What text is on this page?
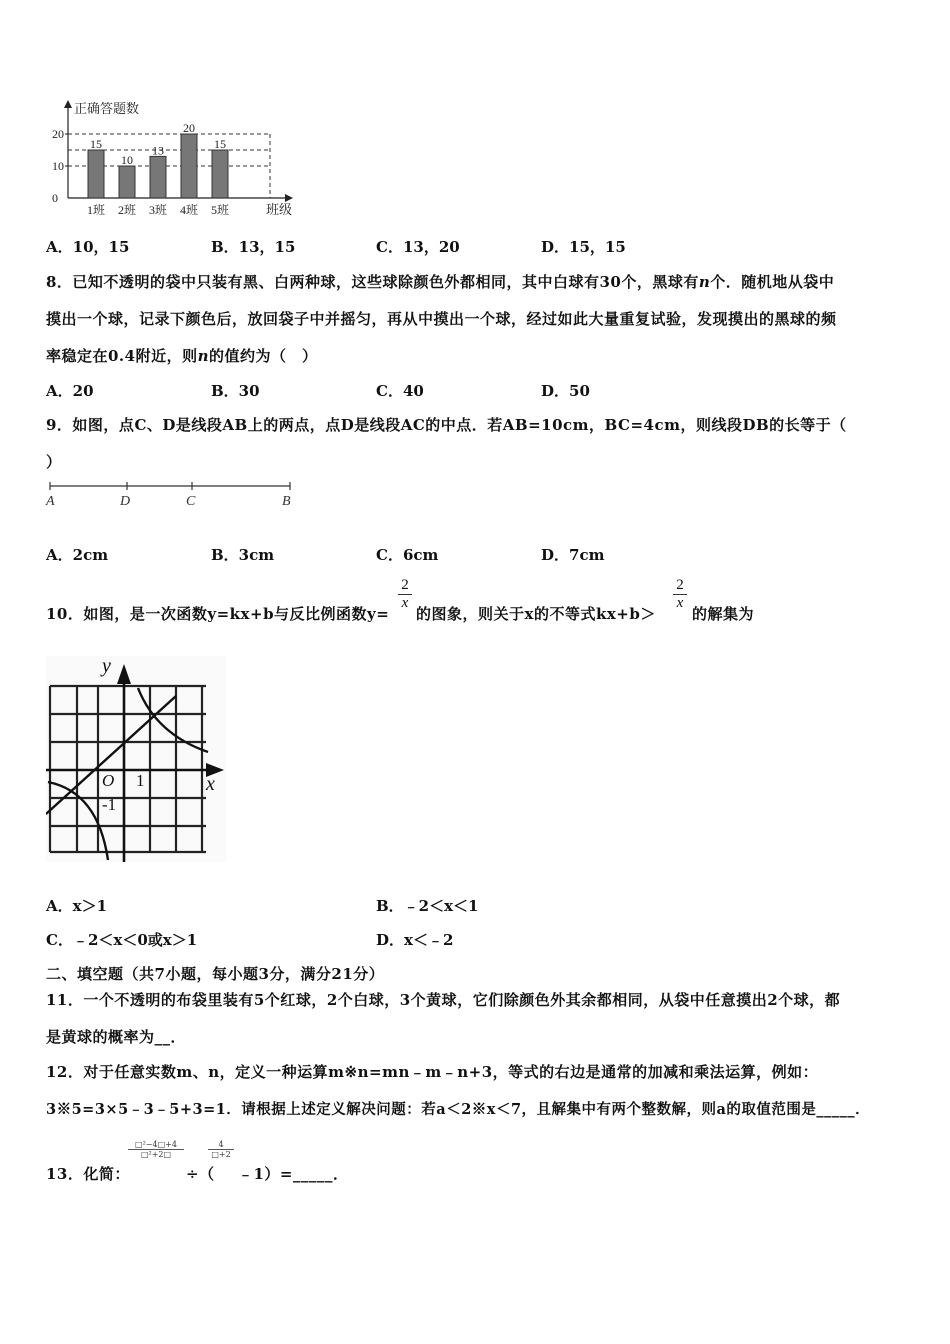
正确答题数
班级
0
10
20
15
1班
10
2班
13
3班
20
4班
15
5班
A．10，15	B．13，15	C．13，20	D．15，15
8．已知不透明的袋中只装有黑、白两种球，这些球除颜色外都相同，其中白球有30个，黑球有n个．随机地从袋中
摸出一个球，记录下颜色后，放回袋子中并摇匀，再从中摸出一个球，经过如此大量重复试验，发现摸出的黑球的频
率稳定在0.4附近，则n的值约为（　）
A．20	B．30	C．40	D．50
9．如图，点C、D是线段AB上的两点，点D是线段AC的中点．若AB=10cm，BC=4cm，则线段DB的长等于（
）
A	D	C	B
A．2cm	B．3cm	C．6cm	D．7cm
10．如图，是一次函数y=kx+b与反比例函数y=
$\frac{2}{x}$
的图象，则关于x的不等式kx+b＞
$\frac{2}{x}$
的解集为
y
x
O 1
-1
A．x＞1	B．﹣2＜x＜1
C．﹣2＜x＜0或x＞1	D．x＜﹣2
二、填空题（共7小题，每小题3分，满分21分）
11．一个不透明的布袋里装有5个红球，2个白球，3个黄球，它们除颜色外其余都相同，从袋中任意摸出2个球，都
是黄球的概率为__．
12．对于任意实数m、n，定义一种运算m※n=mn﹣m﹣n+3，等式的右边是通常的加减和乘法运算，例如：
3※5=3×5﹣3﹣5+3=1．请根据上述定义解决问题：若a＜2※x＜7，且解集中有两个整数解，则a的取值范围是_____．
13．化简：
$\frac{\text{□²−4□+4}}{\text{□²+2□}}$
÷（
$\frac{4}{□+2}$
﹣1）=_____．
